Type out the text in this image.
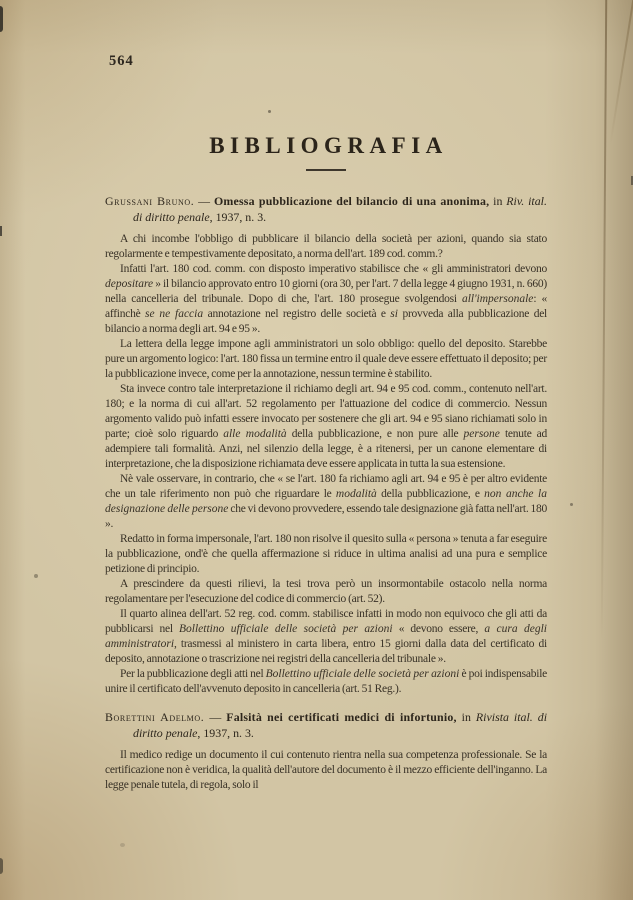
564
BIBLIOGRAFIA

Grussani Bruno. — Omessa pubblicazione del bilancio di una anonima, in Riv. ital. di diritto penale, 1937, n. 3.

A chi incombe l'obbligo di pubblicare il bilancio della società per azioni, quando sia stato regolarmente e tempestivamente depositato, a norma dell'art. 189 cod. comm.?

Infatti l'art. 180 cod. comm. con disposto imperativo stabilisce che « gli amministratori devono depositare » il bilancio approvato entro 10 giorni (ora 30, per l'art. 7 della legge 4 giugno 1931, n. 660) nella cancelleria del tribunale. Dopo di che, l'art. 180 prosegue svolgendosi all'impersonale: « affinchè se ne faccia annotazione nel registro delle società e si provveda alla pubblicazione del bilancio a norma degli art. 94 e 95 ».

La lettera della legge impone agli amministratori un solo obbligo: quello del deposito. Starebbe pure un argomento logico: l'art. 180 fissa un termine entro il quale deve essere effettuato il deposito; per la pubblicazione invece, come per la annotazione, nessun termine è stabilito.

Sta invece contro tale interpretazione il richiamo degli art. 94 e 95 cod. comm., contenuto nell'art. 180; e la norma di cui all'art. 52 regolamento per l'attuazione del codice di commercio. Nessun argomento valido può infatti essere invocato per sostenere che gli art. 94 e 95 siano richiamati solo in parte; cioè solo riguardo alle modalità della pubblicazione, e non pure alle persone tenute ad adempiere tali formalità. Anzi, nel silenzio della legge, è a ritenersi, per un canone elementare di interpretazione, che la disposizione richiamata deve essere applicata in tutta la sua estensione.

Nè vale osservare, in contrario, che « se l'art. 180 fa richiamo agli art. 94 e 95 è per altro evidente che un tale riferimento non può che riguardare le modalità della pubblicazione, e non anche la designazione delle persone che vi devono provvedere, essendo tale designazione già fatta nell'art. 180 ».

Redatto in forma impersonale, l'art. 180 non risolve il quesito sulla « persona » tenuta a far eseguire la pubblicazione, ond'è che quella affermazione si riduce in ultima analisi ad una pura e semplice petizione di principio.

A prescindere da questi rilievi, la tesi trova però un insormontabile ostacolo nella norma regolamentare per l'esecuzione del codice di commercio (art. 52).

Il quarto alinea dell'art. 52 reg. cod. comm. stabilisce infatti in modo non equivoco che gli atti da pubblicarsi nel Bollettino ufficiale delle società per azioni « devono essere, a cura degli amministratori, trasmessi al ministero in carta libera, entro 15 giorni dalla data del certificato di deposito, annotazione o trascrizione nei registri della cancelleria del tribunale ».

Per la pubblicazione degli atti nel Bollettino ufficiale delle società per azioni è poi indispensabile unire il certificato dell'avvenuto deposito in cancelleria (art. 51 Reg.).

Borettini Adelmo. — Falsità nei certificati medici di infortunio, in Rivista ital. di diritto penale, 1937, n. 3.

Il medico redige un documento il cui contenuto rientra nella sua competenza professionale. Se la certificazione non è veridica, la qualità dell'autore del documento è il mezzo efficiente dell'inganno. La legge penale tutela, di regola, solo il
